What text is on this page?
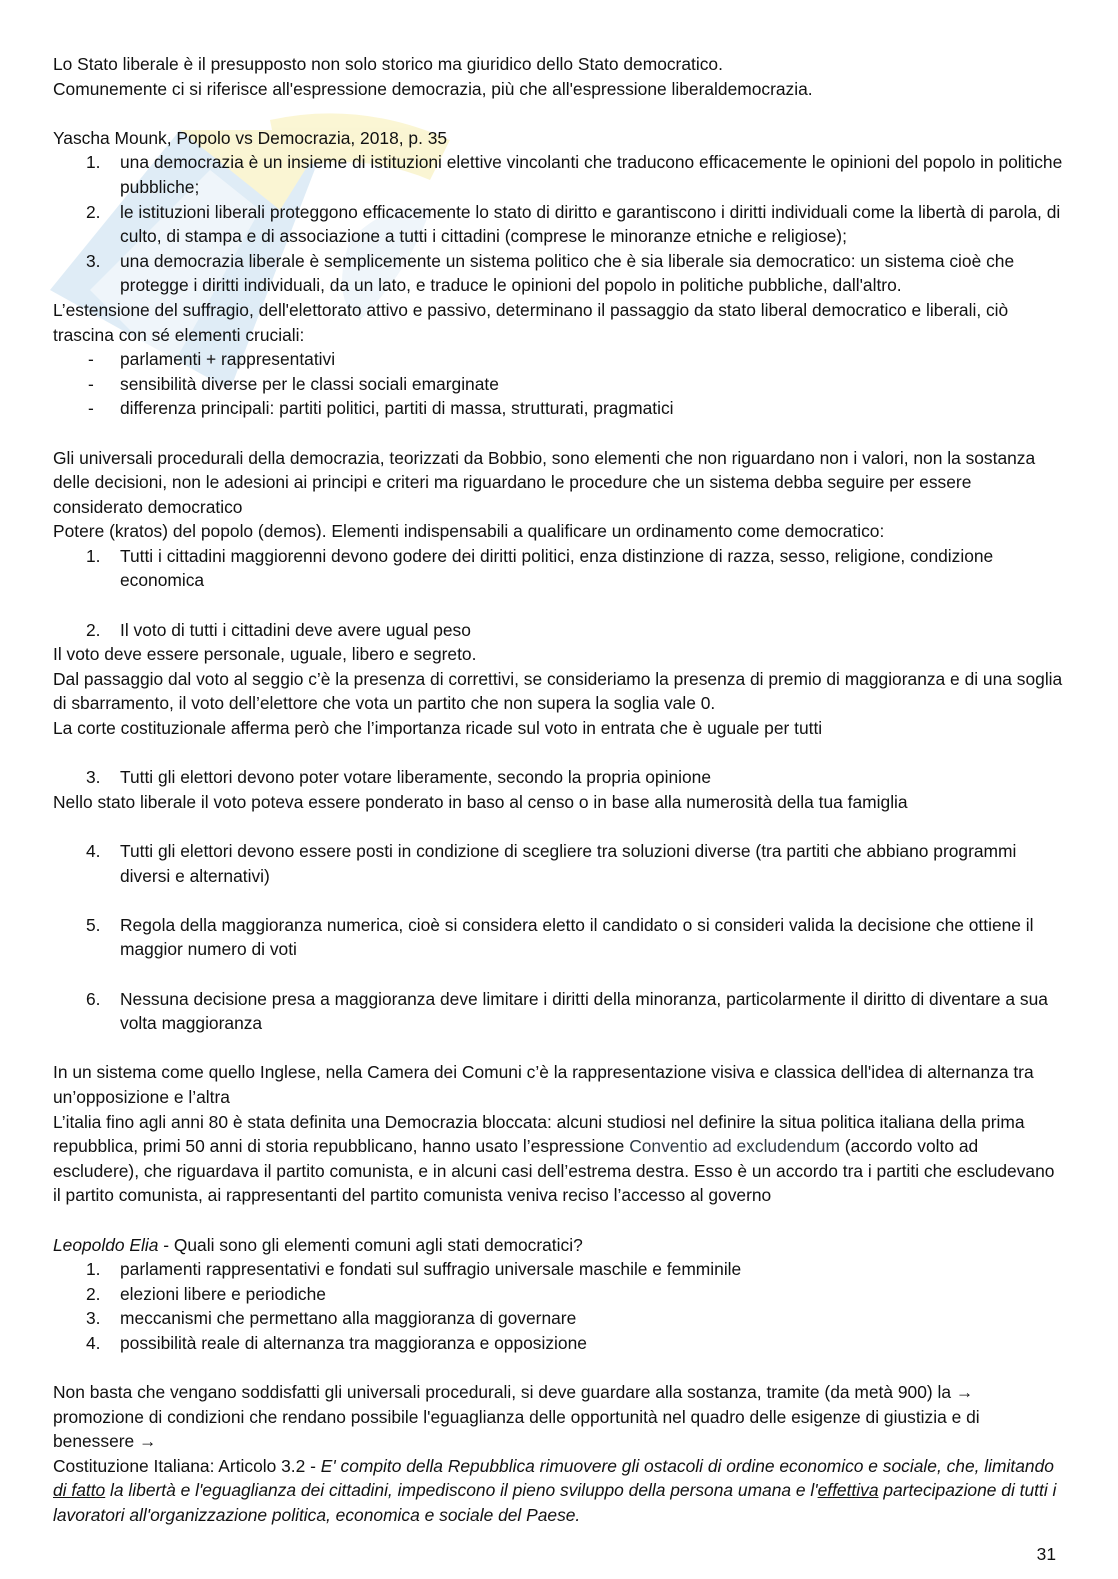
Lo Stato liberale è il presupposto non solo storico ma giuridico dello Stato democratico.

Comunemente ci si riferisce all'espressione democrazia, più che all'espressione liberaldemocrazia.

Yascha Mounk, Popolo vs Democrazia, 2018, p. 35

1. una democrazia è un insieme di istituzioni elettive vincolanti che traducono efficacemente le opinioni del popolo in politiche pubbliche;
2. le istituzioni liberali proteggono efficacemente lo stato di diritto e garantiscono i diritti individuali come la libertà di parola, di culto, di stampa e di associazione a tutti i cittadini (comprese le minoranze etniche e religiose);
3. una democrazia liberale è semplicemente un sistema politico che è sia liberale sia democratico: un sistema cioè che protegge i diritti individuali, da un lato, e traduce le opinioni del popolo in politiche pubbliche, dall'altro.

L’estensione del suffragio, dell'elettorato attivo e passivo, determinano il passaggio da stato liberal democratico e liberali, ciò trascina con sé elementi cruciali:

- parlamenti + rappresentativi
- sensibilità diverse per le classi sociali emarginate
- differenza principali: partiti politici, partiti di massa, strutturati, pragmatici

Gli universali procedurali della democrazia, teorizzati da Bobbio, sono elementi che non riguardano non i valori, non la sostanza delle decisioni, non le adesioni ai principi e criteri ma riguardano le procedure che un sistema debba seguire per essere considerato democratico

Potere (kratos) del popolo (demos). Elementi indispensabili a qualificare un ordinamento come democratico:

1. Tutti i cittadini maggiorenni devono godere dei diritti politici, enza distinzione di razza, sesso, religione, condizione economica
2. Il voto di tutti i cittadini deve avere ugual peso

Il voto deve essere personale, uguale, libero e segreto.

Dal passaggio dal voto al seggio c’è la presenza di correttivi, se consideriamo la presenza di premio di maggioranza e di una soglia di sbarramento, il voto dell’elettore che vota un partito che non supera la soglia vale 0.

La corte costituzionale afferma però che l’importanza ricade sul voto in entrata che è uguale per tutti

3. Tutti gli elettori devono poter votare liberamente, secondo la propria opinione

Nello stato liberale il voto poteva essere ponderato in baso al censo o in base alla numerosità della tua famiglia

4. Tutti gli elettori devono essere posti in condizione di scegliere tra soluzioni diverse (tra partiti che abbiano programmi diversi e alternativi)
5. Regola della maggioranza numerica, cioè si considera eletto il candidato o si consideri valida la decisione che ottiene il maggior numero di voti
6. Nessuna decisione presa a maggioranza deve limitare i diritti della minoranza, particolarmente il diritto di diventare a sua volta maggioranza

In un sistema come quello Inglese, nella Camera dei Comuni c’è la rappresentazione visiva e classica dell'idea di alternanza tra un’opposizione e l’altra

L’italia fino agli anni 80 è stata definita una Democrazia bloccata: alcuni studiosi nel definire la situa politica italiana della prima repubblica, primi 50 anni di storia repubblicano, hanno usato l’espressione Conventio ad excludendum (accordo volto ad escludere), che riguardava il partito comunista, e in alcuni casi dell’estrema destra. Esso è un accordo tra i partiti che escludevano il partito comunista, ai rappresentanti del partito comunista veniva reciso l’accesso al governo

Leopoldo Elia - Quali sono gli elementi comuni agli stati democratici?

1. parlamenti rappresentativi e fondati sul suffragio universale maschile e femminile
2. elezioni libere e periodiche
3. meccanismi che permettano alla maggioranza di governare
4. possibilità reale di alternanza tra maggioranza e opposizione

Non basta che vengano soddisfatti gli universali procedurali, si deve guardare alla sostanza, tramite (da metà 900) la → promozione di condizioni che rendano possibile l'eguaglianza delle opportunità nel quadro delle esigenze di giustizia e di benessere →

Costituzione Italiana: Articolo 3.2 - E' compito della Repubblica rimuovere gli ostacoli di ordine economico e sociale, che, limitando di fatto la libertà e l'eguaglianza dei cittadini, impediscono il pieno sviluppo della persona umana e l'effettiva partecipazione di tutti i lavoratori all'organizzazione politica, economica e sociale del Paese.

31
